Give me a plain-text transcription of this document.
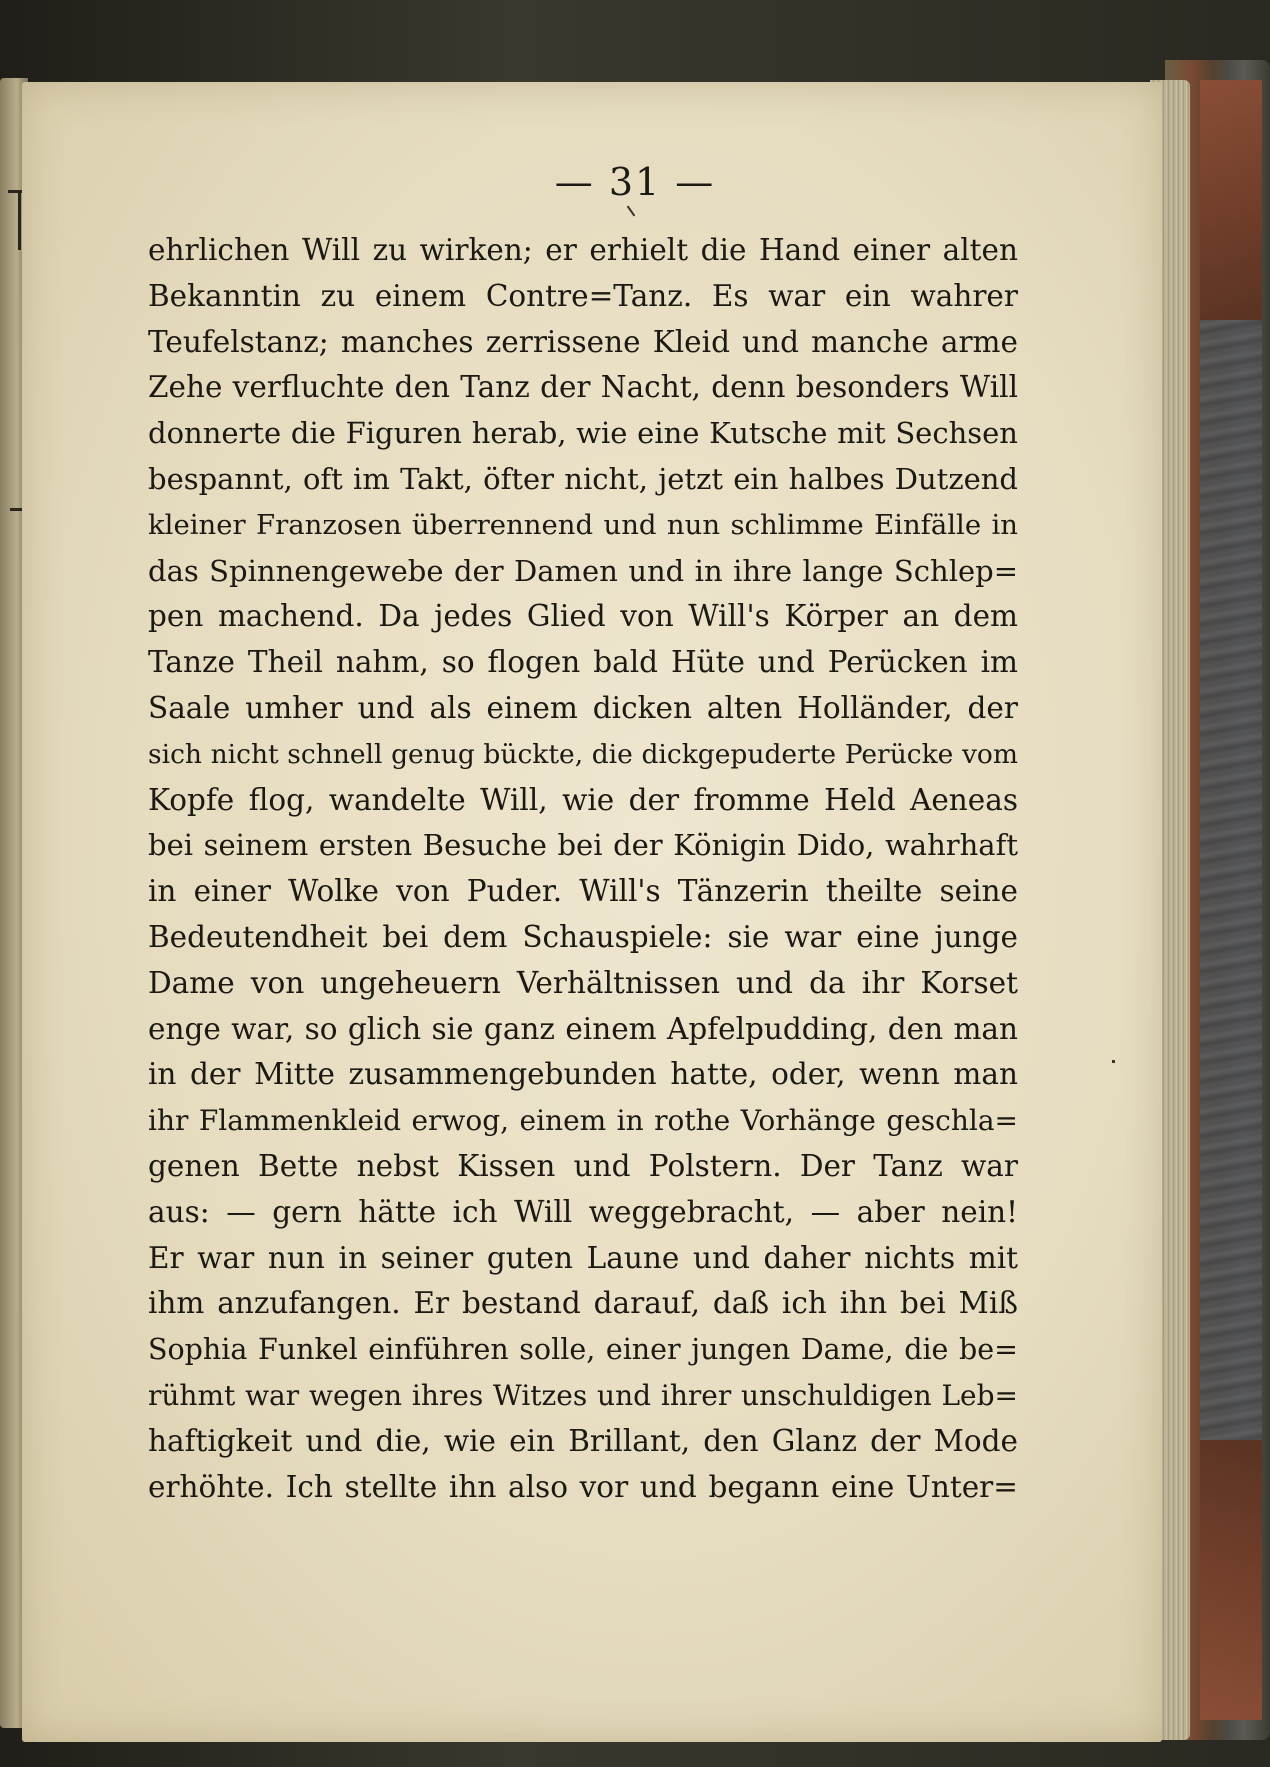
— 31 —
ehrlichen Will zu wirken; er erhielt die Hand einer alten
Bekanntin zu einem Contre=Tanz. Es war ein wahrer
Teufelstanz; manches zerrissene Kleid und manche arme
Zehe verfluchte den Tanz der Nacht, denn besonders Will
donnerte die Figuren herab, wie eine Kutsche mit Sechsen
bespannt, oft im Takt, öfter nicht, jetzt ein halbes Dutzend
kleiner Franzosen überrennend und nun schlimme Einfälle in
das Spinnengewebe der Damen und in ihre lange Schlep=
pen machend. Da jedes Glied von Will's Körper an dem
Tanze Theil nahm, so flogen bald Hüte und Perücken im
Saale umher und als einem dicken alten Holländer, der
sich nicht schnell genug bückte, die dickgepuderte Perücke vom
Kopfe flog, wandelte Will, wie der fromme Held Aeneas
bei seinem ersten Besuche bei der Königin Dido, wahrhaft
in einer Wolke von Puder. Will's Tänzerin theilte seine
Bedeutendheit bei dem Schauspiele: sie war eine junge
Dame von ungeheuern Verhältnissen und da ihr Korset
enge war, so glich sie ganz einem Apfelpudding, den man
in der Mitte zusammengebunden hatte, oder, wenn man
ihr Flammenkleid erwog, einem in rothe Vorhänge geschla=
genen Bette nebst Kissen und Polstern. Der Tanz war
aus: — gern hätte ich Will weggebracht, — aber nein!
Er war nun in seiner guten Laune und daher nichts mit
ihm anzufangen. Er bestand darauf, daß ich ihn bei Miß
Sophia Funkel einführen solle, einer jungen Dame, die be=
rühmt war wegen ihres Witzes und ihrer unschuldigen Leb=
haftigkeit und die, wie ein Brillant, den Glanz der Mode
erhöhte. Ich stellte ihn also vor und begann eine Unter=
